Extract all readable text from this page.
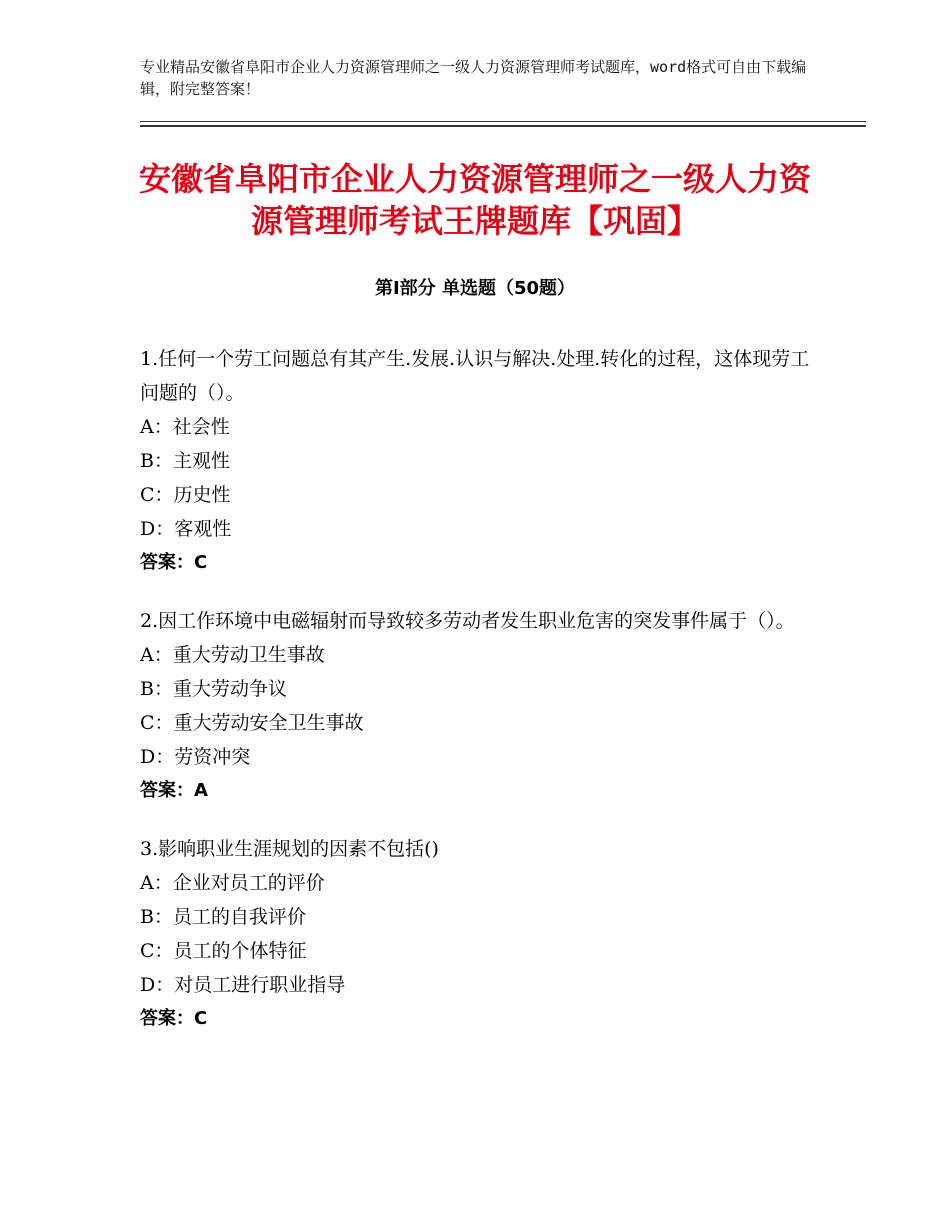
专业精品安徽省阜阳市企业人力资源管理师之一级人力资源管理师考试题库，word格式可自由下载编辑，附完整答案！
安徽省阜阳市企业人力资源管理师之一级人力资源管理师考试王牌题库【巩固】
第Ⅰ部分 单选题（50题）
1.任何一个劳工问题总有其产生.发展.认识与解决.处理.转化的过程，这体现劳工问题的（）。
A：社会性
B：主观性
C：历史性
D：客观性
答案：C
2.因工作环境中电磁辐射而导致较多劳动者发生职业危害的突发事件属于（）。
A：重大劳动卫生事故
B：重大劳动争议
C：重大劳动安全卫生事故
D：劳资冲突
答案：A
3.影响职业生涯规划的因素不包括()
A：企业对员工的评价
B：员工的自我评价
C：员工的个体特征
D：对员工进行职业指导
答案：C
